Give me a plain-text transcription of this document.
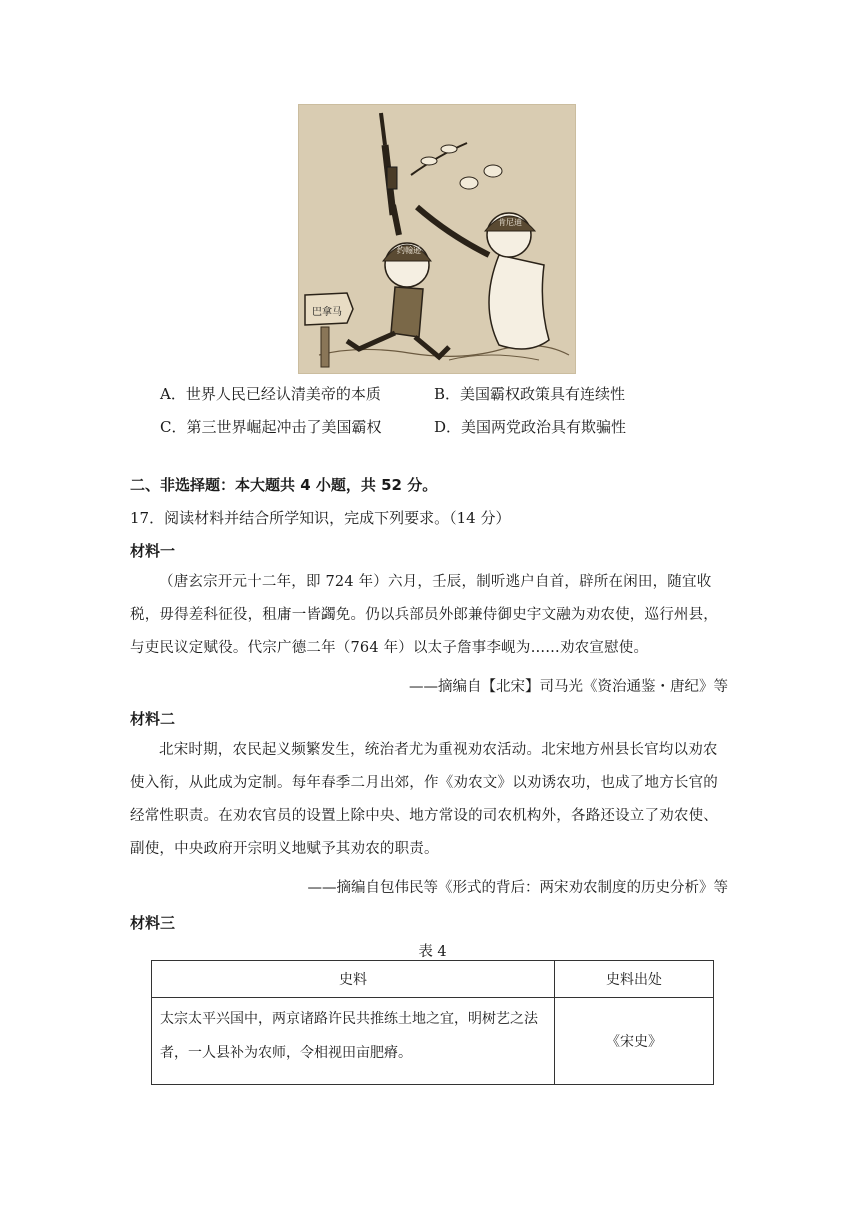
巴拿马
肯尼迪
约翰逊
A．世界人民已经认清美帝的本质	B．美国霸权政策具有连续性
C．第三世界崛起冲击了美国霸权	D．美国两党政治具有欺骗性
二、非选择题：本大题共 4 小题，共 52 分。
17．阅读材料并结合所学知识，完成下列要求。（14 分）
材料一
（唐玄宗开元十二年，即 724 年）六月，壬辰，制听逃户自首，辟所在闲田，随宜收税，毋得差科征役，租庸一皆蠲免。仍以兵部员外郎兼侍御史宇文融为劝农使，巡行州县，与吏民议定赋役。代宗广德二年（764 年）以太子詹事李岘为……劝农宣慰使。
——摘编自【北宋】司马光《资治通鉴・唐纪》等
材料二
北宋时期，农民起义频繁发生，统治者尤为重视劝农活动。北宋地方州县长官均以劝农使入衔，从此成为定制。每年春季二月出郊，作《劝农文》以劝诱农功，也成了地方长官的经常性职责。在劝农官员的设置上除中央、地方常设的司农机构外，各路还设立了劝农使、副使，中央政府开宗明义地赋予其劝农的职责。
——摘编自包伟民等《形式的背后：两宋劝农制度的历史分析》等
材料三
表 4
史料	史料出处
太宗太平兴国中，两京诸路许民共推练土地之宜，明树艺之法者，一人县补为农师，令相视田亩肥瘠。	《宋史》
